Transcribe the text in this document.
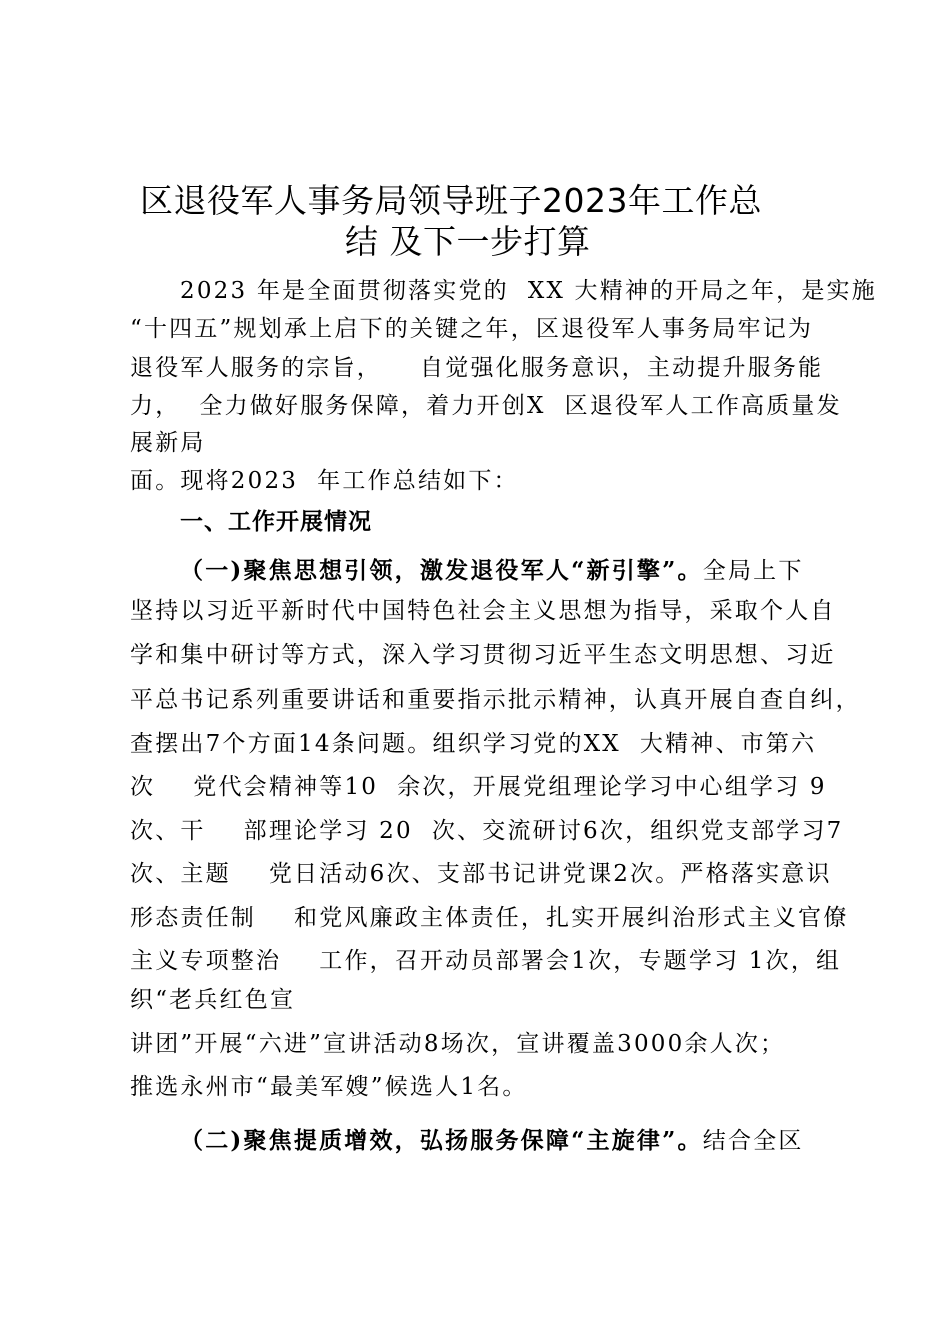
区退役军人事务局领导班子2023年工作总
结 及下一步打算
2023 年是全面贯彻落实党的  XX 大精神的开局之年，是实施
“十四五”规划承上启下的关键之年，区退役军人事务局牢记为
退役军人服务的宗旨，    自觉强化服务意识，主动提升服务能
力，  全力做好服务保障，着力开创X  区退役军人工作高质量发
展新局
面。现将2023  年工作总结如下：
一、工作开展情况
（一)聚焦思想引领，激发退役军人“新引擎”。全局上下
坚持以习近平新时代中国特色社会主义思想为指导，采取个人自
学和集中研讨等方式，深入学习贯彻习近平生态文明思想、习近
平总书记系列重要讲话和重要指示批示精神，认真开展自查自纠，
查摆出7个方面14条问题。组织学习党的XX  大精神、市第六
次    党代会精神等10  余次，开展党组理论学习中心组学习 9
次、干    部理论学习 20  次、交流研讨6次，组织党支部学习7
次、主题    党日活动6次、支部书记讲党课2次。严格落实意识
形态责任制    和党风廉政主体责任，扎实开展纠治形式主义官僚
主义专项整治    工作，召开动员部署会1次，专题学习 1次，组
织“老兵红色宣
讲团”开展“六进”宣讲活动8场次，宣讲覆盖3000余人次；
推选永州市“最美军嫂”候选人1名。
（二)聚焦提质增效，弘扬服务保障“主旋律”。结合全区
